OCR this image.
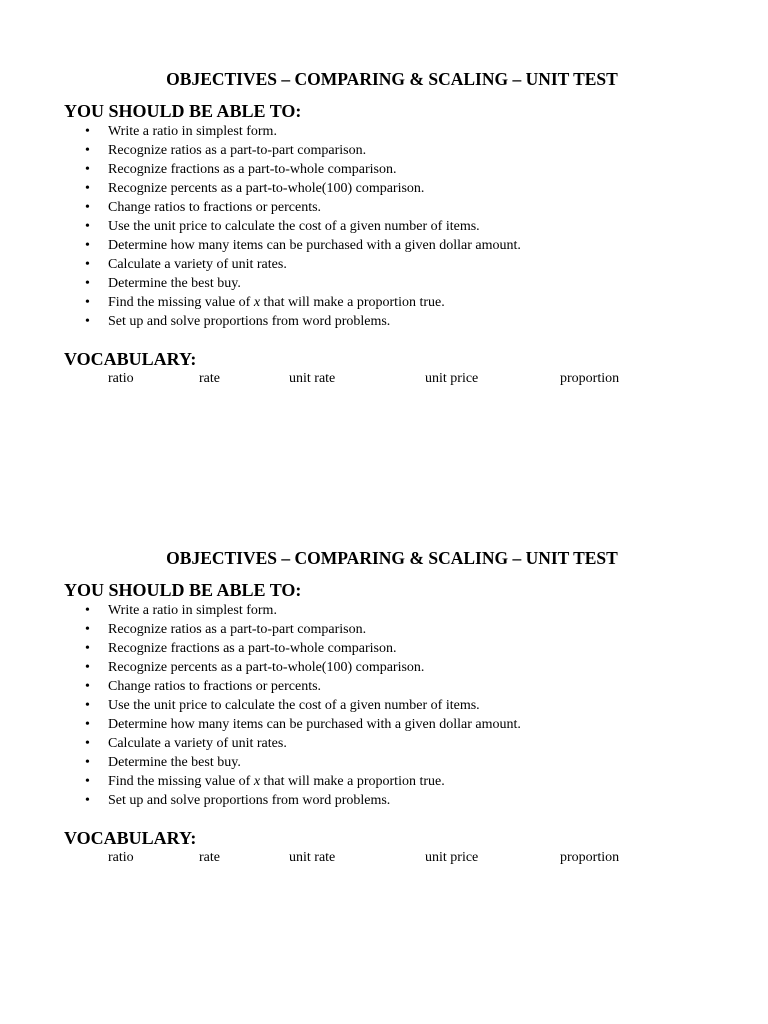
OBJECTIVES – COMPARING & SCALING – UNIT TEST
YOU SHOULD BE ABLE TO:
• Write a ratio in simplest form.
• Recognize ratios as a part-to-part comparison.
• Recognize fractions as a part-to-whole comparison.
• Recognize percents as a part-to-whole(100) comparison.
• Change ratios to fractions or percents.
• Use the unit price to calculate the cost of a given number of items.
• Determine how many items can be purchased with a given dollar amount.
• Calculate a variety of unit rates.
• Determine the best buy.
• Find the missing value of x that will make a proportion true.
• Set up and solve proportions from word problems.
VOCABULARY:
ratio	rate	unit rate	unit price	proportion
OBJECTIVES – COMPARING & SCALING – UNIT TEST
YOU SHOULD BE ABLE TO:
• Write a ratio in simplest form.
• Recognize ratios as a part-to-part comparison.
• Recognize fractions as a part-to-whole comparison.
• Recognize percents as a part-to-whole(100) comparison.
• Change ratios to fractions or percents.
• Use the unit price to calculate the cost of a given number of items.
• Determine how many items can be purchased with a given dollar amount.
• Calculate a variety of unit rates.
• Determine the best buy.
• Find the missing value of x that will make a proportion true.
• Set up and solve proportions from word problems.
VOCABULARY:
ratio	rate	unit rate	unit price	proportion
